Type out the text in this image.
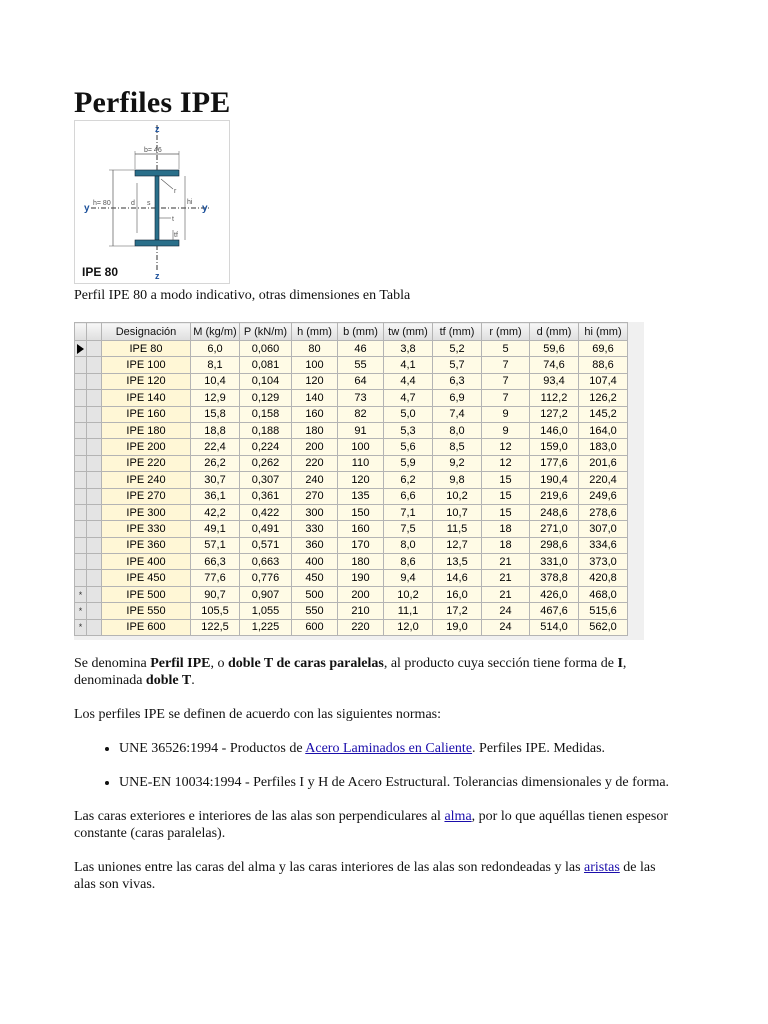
Perfiles IPE
z
z
y	y
b= 46
h= 80	d	hi
r
t
s
tf

IPE 80

Perfil IPE 80 a modo indicativo, otras dimensiones en Tabla
		Designación	M (kg/m)	P (kN/m)	h (mm)	b (mm)	tw (mm)	tf (mm)	r (mm)	d (mm)	hi (mm)
		IPE 80	6,0	0,060	80	46	3,8	5,2	5	59,6	69,6
		IPE 100	8,1	0,081	100	55	4,1	5,7	7	74,6	88,6
		IPE 120	10,4	0,104	120	64	4,4	6,3	7	93,4	107,4
		IPE 140	12,9	0,129	140	73	4,7	6,9	7	112,2	126,2
		IPE 160	15,8	0,158	160	82	5,0	7,4	9	127,2	145,2
		IPE 180	18,8	0,188	180	91	5,3	8,0	9	146,0	164,0
		IPE 200	22,4	0,224	200	100	5,6	8,5	12	159,0	183,0
		IPE 220	26,2	0,262	220	110	5,9	9,2	12	177,6	201,6
		IPE 240	30,7	0,307	240	120	6,2	9,8	15	190,4	220,4
		IPE 270	36,1	0,361	270	135	6,6	10,2	15	219,6	249,6
		IPE 300	42,2	0,422	300	150	7,1	10,7	15	248,6	278,6
		IPE 330	49,1	0,491	330	160	7,5	11,5	18	271,0	307,0
		IPE 360	57,1	0,571	360	170	8,0	12,7	18	298,6	334,6
		IPE 400	66,3	0,663	400	180	8,6	13,5	21	331,0	373,0
		IPE 450	77,6	0,776	450	190	9,4	14,6	21	378,8	420,8
*		IPE 500	90,7	0,907	500	200	10,2	16,0	21	426,0	468,0
*		IPE 550	105,5	1,055	550	210	11,1	17,2	24	467,6	515,6
*		IPE 600	122,5	1,225	600	220	12,0	19,0	24	514,0	562,0

Se denomina Perfil IPE, o doble T de caras paralelas, al producto cuya sección tiene forma de I, denominada doble T.

Los perfiles IPE se definen de acuerdo con las siguientes normas:

• UNE 36526:1994 - Productos de Acero Laminados en Caliente. Perfiles IPE. Medidas.
• UNE-EN 10034:1994 - Perfiles I y H de Acero Estructural. Tolerancias dimensionales y de forma.

Las caras exteriores e interiores de las alas son perpendiculares al alma, por lo que aquéllas tienen espesor constante (caras paralelas).

Las uniones entre las caras del alma y las caras interiores de las alas son redondeadas y las aristas de las alas son vivas.
